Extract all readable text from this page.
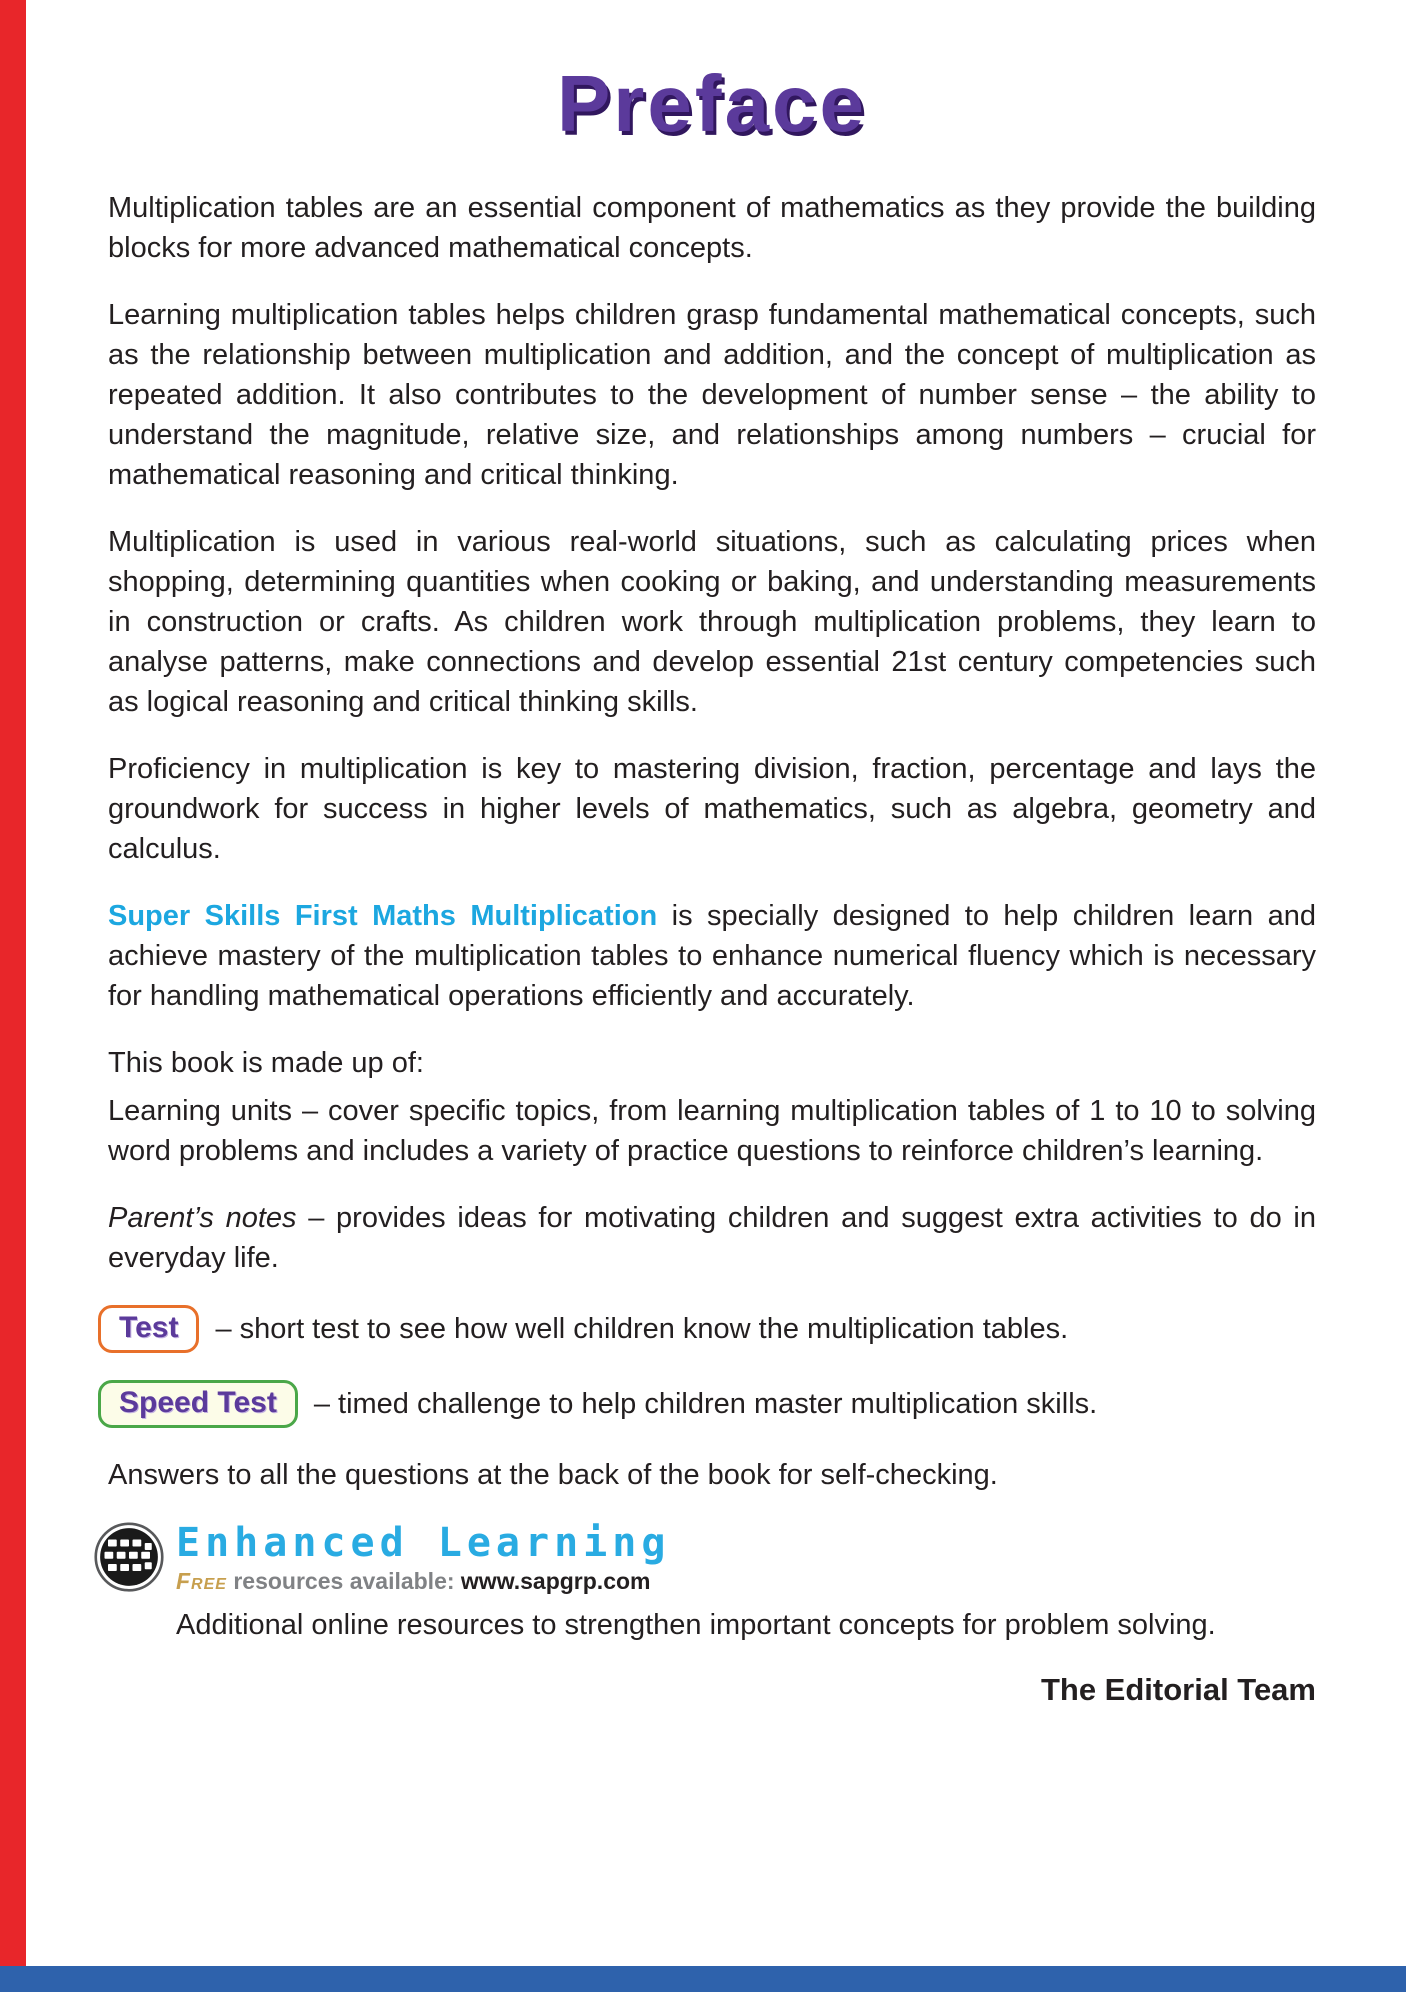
Preface

Multiplication tables are an essential component of mathematics as they provide the building blocks for more advanced mathematical concepts.

Learning multiplication tables helps children grasp fundamental mathematical concepts, such as the relationship between multiplication and addition, and the concept of multiplication as repeated addition. It also contributes to the development of number sense – the ability to understand the magnitude, relative size, and relationships among numbers – crucial for mathematical reasoning and critical thinking.

Multiplication is used in various real-world situations, such as calculating prices when shopping, determining quantities when cooking or baking, and understanding measurements in construction or crafts. As children work through multiplication problems, they learn to analyse patterns, make connections and develop essential 21st century competencies such as logical reasoning and critical thinking skills.

Proficiency in multiplication is key to mastering division, fraction, percentage and lays the groundwork for success in higher levels of mathematics, such as algebra, geometry and calculus.

Super Skills First Maths Multiplication is specially designed to help children learn and achieve mastery of the multiplication tables to enhance numerical fluency which is necessary for handling mathematical operations efficiently and accurately.

This book is made up of:

Learning units – cover specific topics, from learning multiplication tables of 1 to 10 to solving word problems and includes a variety of practice questions to reinforce children’s learning.

Parent’s notes – provides ideas for motivating children and suggest extra activities to do in everyday life.

Test	– short test to see how well children know the multiplication tables.
Speed Test	– timed challenge to help children master multiplication skills.

Answers to all the questions at the back of the book for self-checking.

Enhanced Learning
Free resources available: www.sapgrp.com

Additional online resources to strengthen important concepts for problem solving.

The Editorial Team
